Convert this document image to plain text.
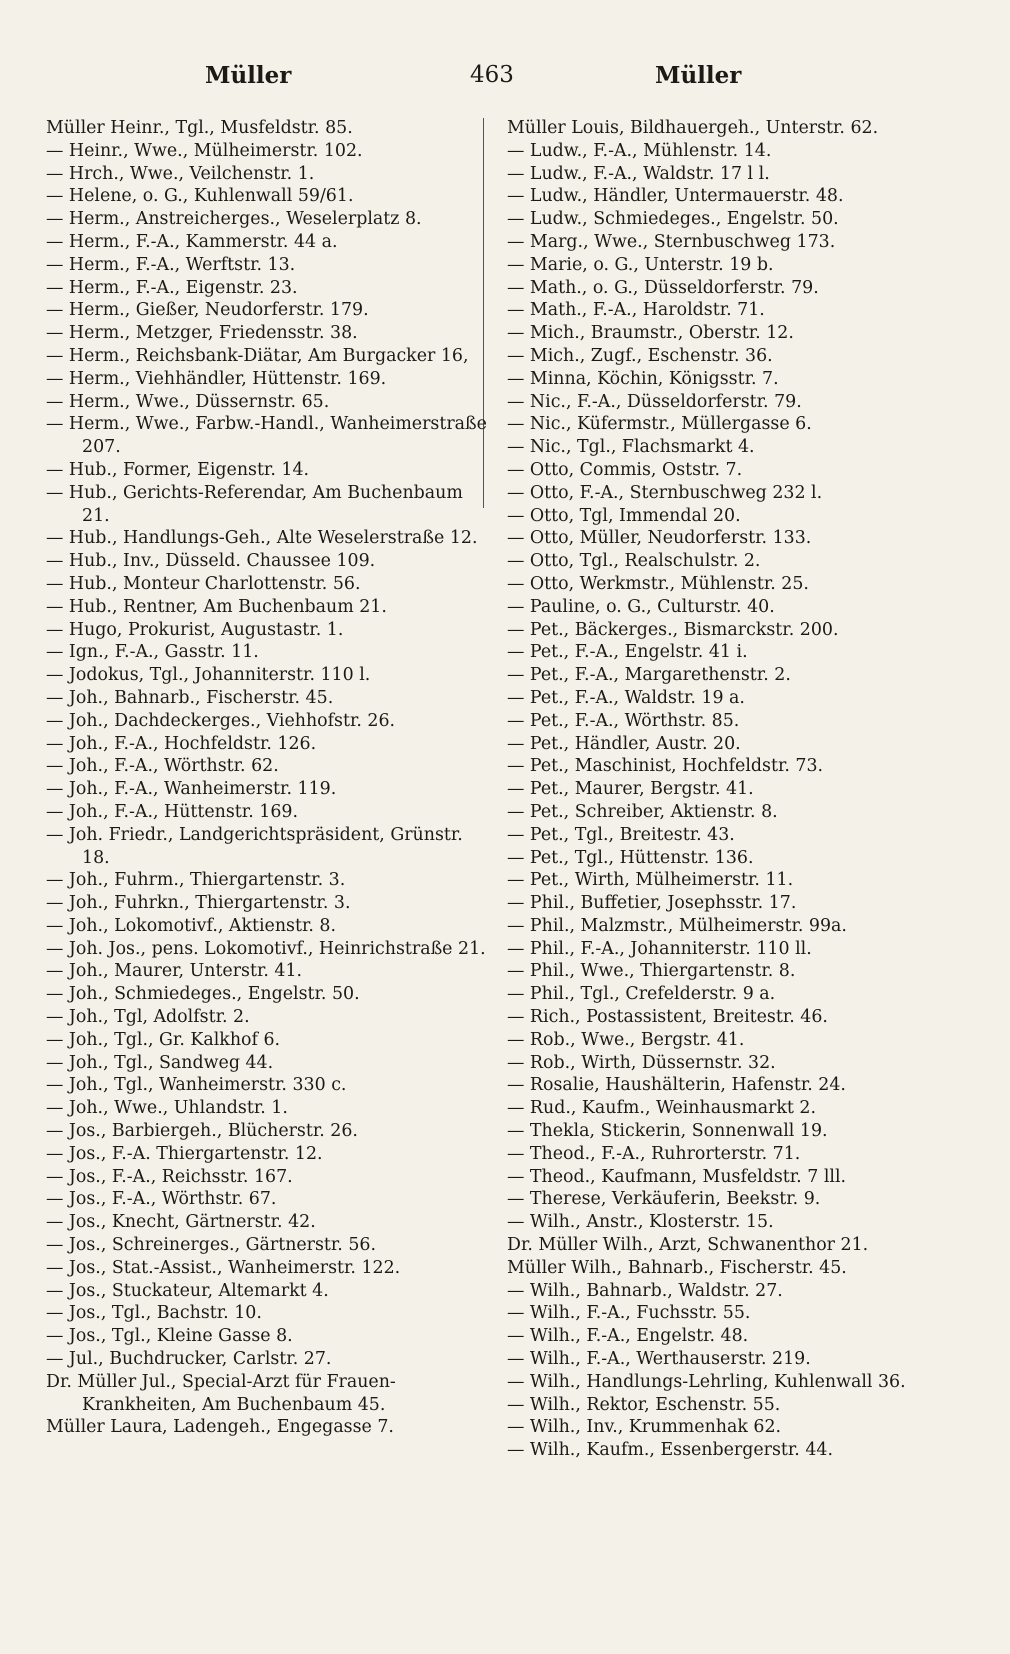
Müller	463	Müller

Müller Heinr., Tgl., Musfeldstr. 85.

— Heinr., Wwe., Mülheimerstr. 102.

— Hrch., Wwe., Veilchenstr. 1.

— Helene, o. G., Kuhlenwall 59/61.

— Herm., Anstreicherges., Weselerplatz 8.

— Herm., F.-A., Kammerstr. 44 a.

— Herm., F.-A., Werftstr. 13.

— Herm., F.-A., Eigenstr. 23.

— Herm., Gießer, Neudorferstr. 179.

— Herm., Metzger, Friedensstr. 38.

— Herm., Reichsbank-Diätar, Am Burgacker 16,

— Herm., Viehhändler, Hüttenstr. 169.

— Herm., Wwe., Düssernstr. 65.

— Herm., Wwe., Farbw.-Handl., Wanheimerstraße 207.

— Hub., Former, Eigenstr. 14.

— Hub., Gerichts-Referendar, Am Buchenbaum 21.

— Hub., Handlungs-Geh., Alte Weselerstraße 12.

— Hub., Inv., Düsseld. Chaussee 109.

— Hub., Monteur Charlottenstr. 56.

— Hub., Rentner, Am Buchenbaum 21.

— Hugo, Prokurist, Augustastr. 1.

— Ign., F.-A., Gasstr. 11.

— Jodokus, Tgl., Johanniterstr. 110 l.

— Joh., Bahnarb., Fischerstr. 45.

— Joh., Dachdeckerges., Viehhofstr. 26.

— Joh., F.-A., Hochfeldstr. 126.

— Joh., F.-A., Wörthstr. 62.

— Joh., F.-A., Wanheimerstr. 119.

— Joh., F.-A., Hüttenstr. 169.

— Joh. Friedr., Landgerichtspräsident, Grünstr. 18.

— Joh., Fuhrm., Thiergartenstr. 3.

— Joh., Fuhrkn., Thiergartenstr. 3.

— Joh., Lokomotivf., Aktienstr. 8.

— Joh. Jos., pens. Lokomotivf., Heinrichstraße 21.

— Joh., Maurer, Unterstr. 41.

— Joh., Schmiedeges., Engelstr. 50.

— Joh., Tgl, Adolfstr. 2.

— Joh., Tgl., Gr. Kalkhof 6.

— Joh., Tgl., Sandweg 44.

— Joh., Tgl., Wanheimerstr. 330 c.

— Joh., Wwe., Uhlandstr. 1.

— Jos., Barbiergeh., Blücherstr. 26.

— Jos., F.-A. Thiergartenstr. 12.

— Jos., F.-A., Reichsstr. 167.

— Jos., F.-A., Wörthstr. 67.

— Jos., Knecht, Gärtnerstr. 42.

— Jos., Schreinerges., Gärtnerstr. 56.

— Jos., Stat.-Assist., Wanheimerstr. 122.

— Jos., Stuckateur, Altemarkt 4.

— Jos., Tgl., Bachstr. 10.

— Jos., Tgl., Kleine Gasse 8.

— Jul., Buchdrucker, Carlstr. 27.

Dr. Müller Jul., Special-Arzt für Frauen-Krankheiten, Am Buchenbaum 45.

Müller Laura, Ladengeh., Engegasse 7.

Müller Louis, Bildhauergeh., Unterstr. 62.

— Ludw., F.-A., Mühlenstr. 14.

— Ludw., F.-A., Waldstr. 17 l l.

— Ludw., Händler, Untermauerstr. 48.

— Ludw., Schmiedeges., Engelstr. 50.

— Marg., Wwe., Sternbuschweg 173.

— Marie, o. G., Unterstr. 19 b.

— Math., o. G., Düsseldorferstr. 79.

— Math., F.-A., Haroldstr. 71.

— Mich., Braumstr., Oberstr. 12.

— Mich., Zugf., Eschenstr. 36.

— Minna, Köchin, Königsstr. 7.

— Nic., F.-A., Düsseldorferstr. 79.

— Nic., Küfermstr., Müllergasse 6.

— Nic., Tgl., Flachsmarkt 4.

— Otto, Commis, Oststr. 7.

— Otto, F.-A., Sternbuschweg 232 l.

— Otto, Tgl, Immendal 20.

— Otto, Müller, Neudorferstr. 133.

— Otto, Tgl., Realschulstr. 2.

— Otto, Werkmstr., Mühlenstr. 25.

— Pauline, o. G., Culturstr. 40.

— Pet., Bäckerges., Bismarckstr. 200.

— Pet., F.-A., Engelstr. 41 i.

— Pet., F.-A., Margarethenstr. 2.

— Pet., F.-A., Waldstr. 19 a.

— Pet., F.-A., Wörthstr. 85.

— Pet., Händler, Austr. 20.

— Pet., Maschinist, Hochfeldstr. 73.

— Pet., Maurer, Bergstr. 41.

— Pet., Schreiber, Aktienstr. 8.

— Pet., Tgl., Breitestr. 43.

— Pet., Tgl., Hüttenstr. 136.

— Pet., Wirth, Mülheimerstr. 11.

— Phil., Buffetier, Josephsstr. 17.

— Phil., Malzmstr., Mülheimerstr. 99a.

— Phil., F.-A., Johanniterstr. 110 ll.

— Phil., Wwe., Thiergartenstr. 8.

— Phil., Tgl., Crefelderstr. 9 a.

— Rich., Postassistent, Breitestr. 46.

— Rob., Wwe., Bergstr. 41.

— Rob., Wirth, Düssernstr. 32.

— Rosalie, Haushälterin, Hafenstr. 24.

— Rud., Kaufm., Weinhausmarkt 2.

— Thekla, Stickerin, Sonnenwall 19.

— Theod., F.-A., Ruhrorterstr. 71.

— Theod., Kaufmann, Musfeldstr. 7 lll.

— Therese, Verkäuferin, Beekstr. 9.

— Wilh., Anstr., Klosterstr. 15.

Dr. Müller Wilh., Arzt, Schwanenthor 21.

Müller Wilh., Bahnarb., Fischerstr. 45.

— Wilh., Bahnarb., Waldstr. 27.

— Wilh., F.-A., Fuchsstr. 55.

— Wilh., F.-A., Engelstr. 48.

— Wilh., F.-A., Werthauserstr. 219.

— Wilh., Handlungs-Lehrling, Kuhlenwall 36.

— Wilh., Rektor, Eschenstr. 55.

— Wilh., Inv., Krummenhak 62.

— Wilh., Kaufm., Essenbergerstr. 44.
